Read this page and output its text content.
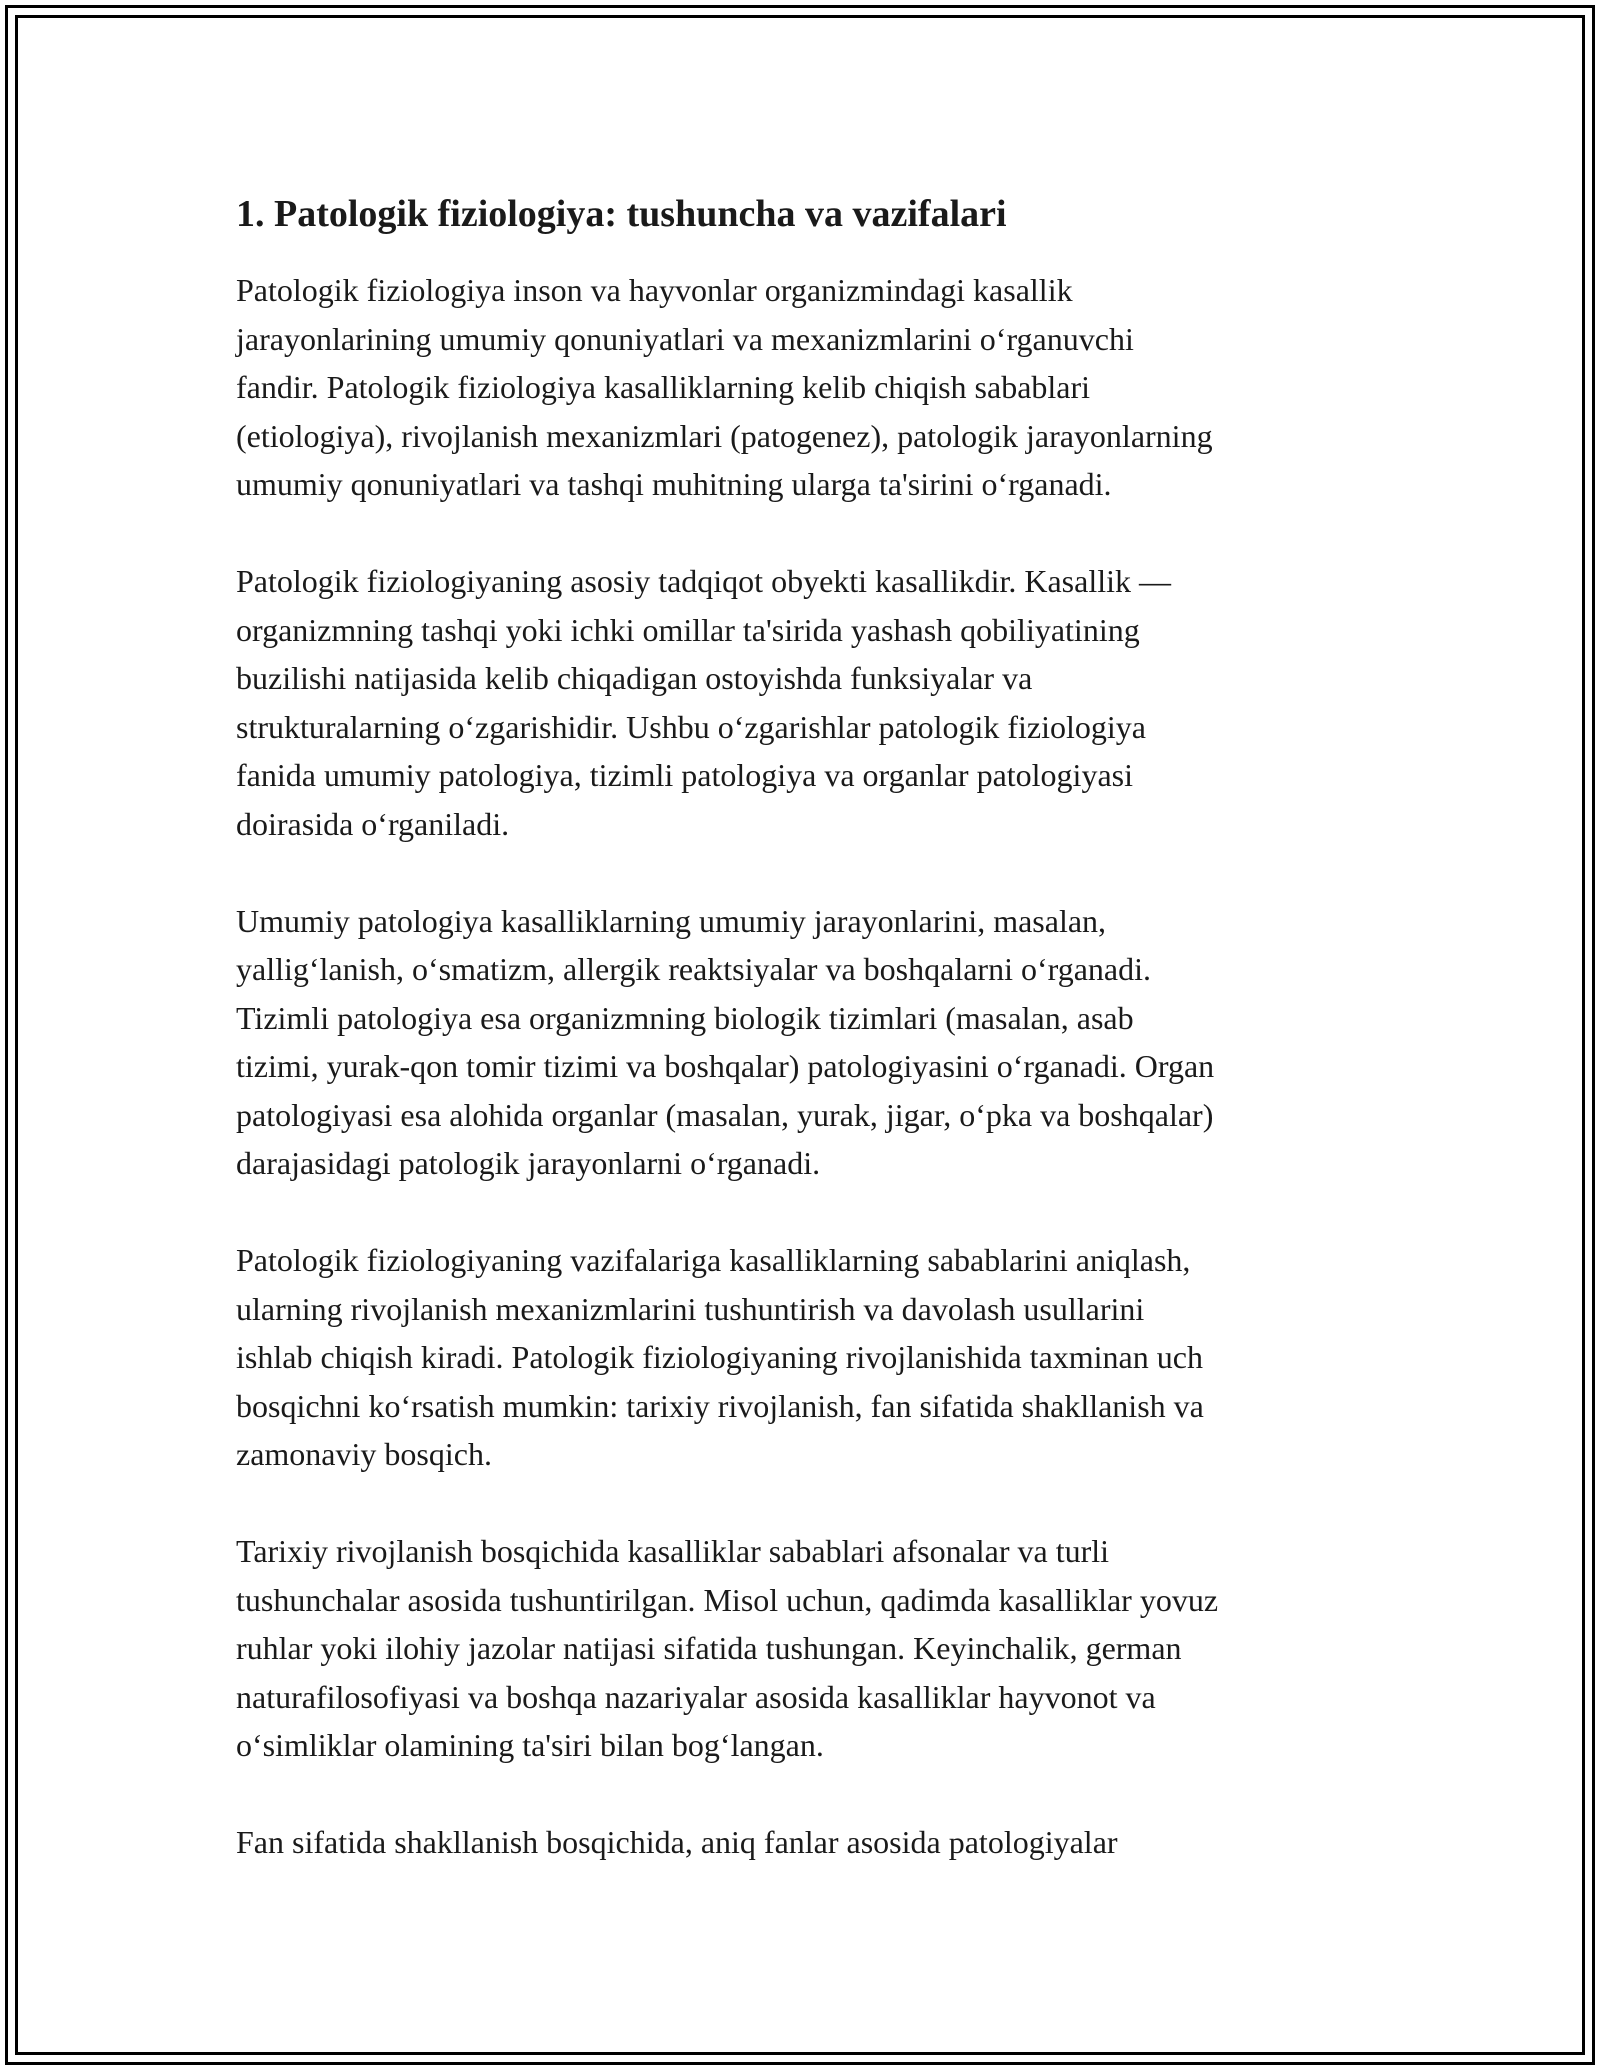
1. Patologik fiziologiya: tushuncha va vazifalari

Patologik fiziologiya inson va hayvonlar organizmindagi kasallik
jarayonlarining umumiy qonuniyatlari va mexanizmlarini o‘rganuvchi
fandir. Patologik fiziologiya kasalliklarning kelib chiqish sabablari
(etiologiya), rivojlanish mexanizmlari (patogenez), patologik jarayonlarning
umumiy qonuniyatlari va tashqi muhitning ularga ta'sirini o‘rganadi.

Patologik fiziologiyaning asosiy tadqiqot obyekti kasallikdir. Kasallik —
organizmning tashqi yoki ichki omillar ta'sirida yashash qobiliyatining
buzilishi natijasida kelib chiqadigan ostoyishda funksiyalar va
strukturalarning o‘zgarishidir. Ushbu o‘zgarishlar patologik fiziologiya
fanida umumiy patologiya, tizimli patologiya va organlar patologiyasi
doirasida o‘rganiladi.

Umumiy patologiya kasalliklarning umumiy jarayonlarini, masalan,
yallig‘lanish, o‘smatizm, allergik reaktsiyalar va boshqalarni o‘rganadi.
Tizimli patologiya esa organizmning biologik tizimlari (masalan, asab
tizimi, yurak-qon tomir tizimi va boshqalar) patologiyasini o‘rganadi. Organ
patologiyasi esa alohida organlar (masalan, yurak, jigar, o‘pka va boshqalar)
darajasidagi patologik jarayonlarni o‘rganadi.

Patologik fiziologiyaning vazifalariga kasalliklarning sabablarini aniqlash,
ularning rivojlanish mexanizmlarini tushuntirish va davolash usullarini
ishlab chiqish kiradi. Patologik fiziologiyaning rivojlanishida taxminan uch
bosqichni ko‘rsatish mumkin: tarixiy rivojlanish, fan sifatida shakllanish va
zamonaviy bosqich.

Tarixiy rivojlanish bosqichida kasalliklar sabablari afsonalar va turli
tushunchalar asosida tushuntirilgan. Misol uchun, qadimda kasalliklar yovuz
ruhlar yoki ilohiy jazolar natijasi sifatida tushungan. Keyinchalik, german
naturafilosofiyasi va boshqa nazariyalar asosida kasalliklar hayvonot va
o‘simliklar olamining ta'siri bilan bog‘langan.

Fan sifatida shakllanish bosqichida, aniq fanlar asosida patologiyalar
